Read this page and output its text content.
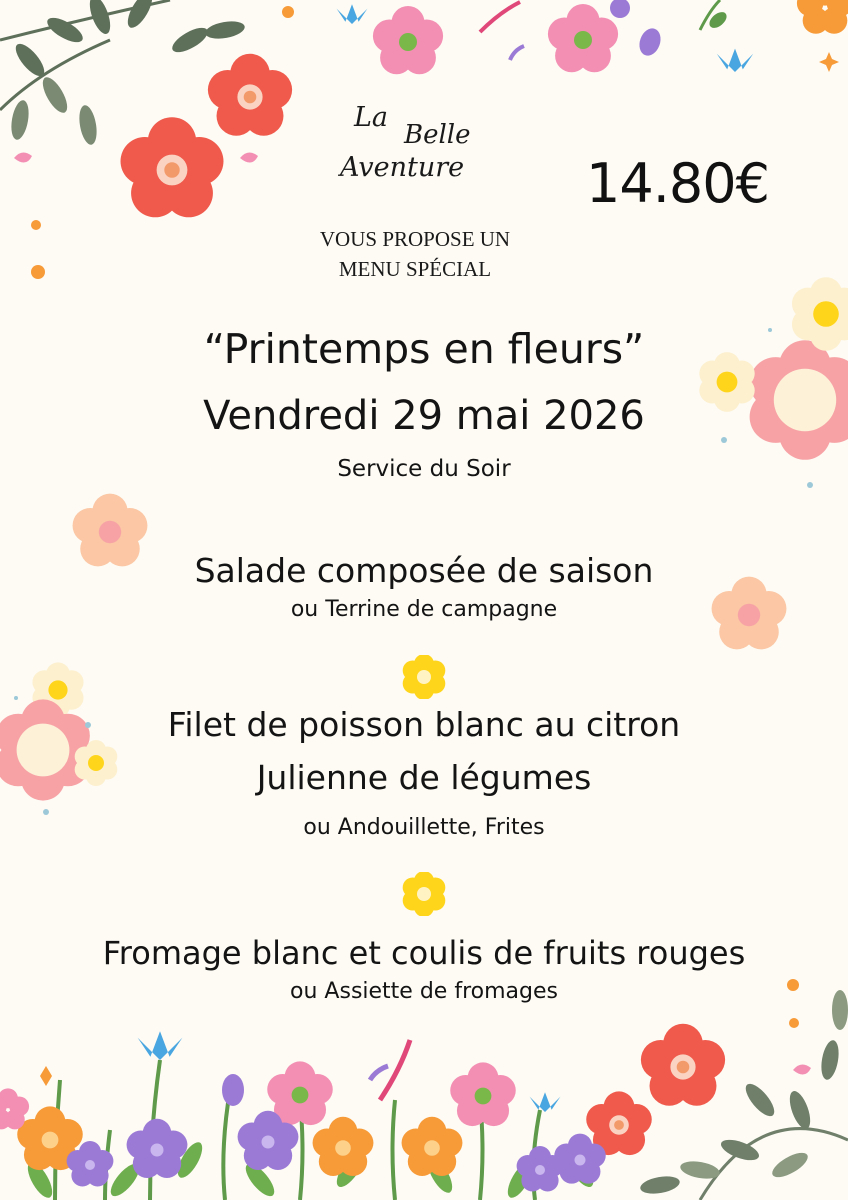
La
Belle
Aventure 14.80€
VOUS PROPOSE UN
MENU SPÉCIAL
“Printemps en fleurs”
Vendredi 29 mai 2026
Service du Soir
Salade composée de saison
ou Terrine de campagne
Filet de poisson blanc au citron
Julienne de légumes
ou Andouillette, Frites
Fromage blanc et coulis de fruits rouges
ou Assiette de fromages
